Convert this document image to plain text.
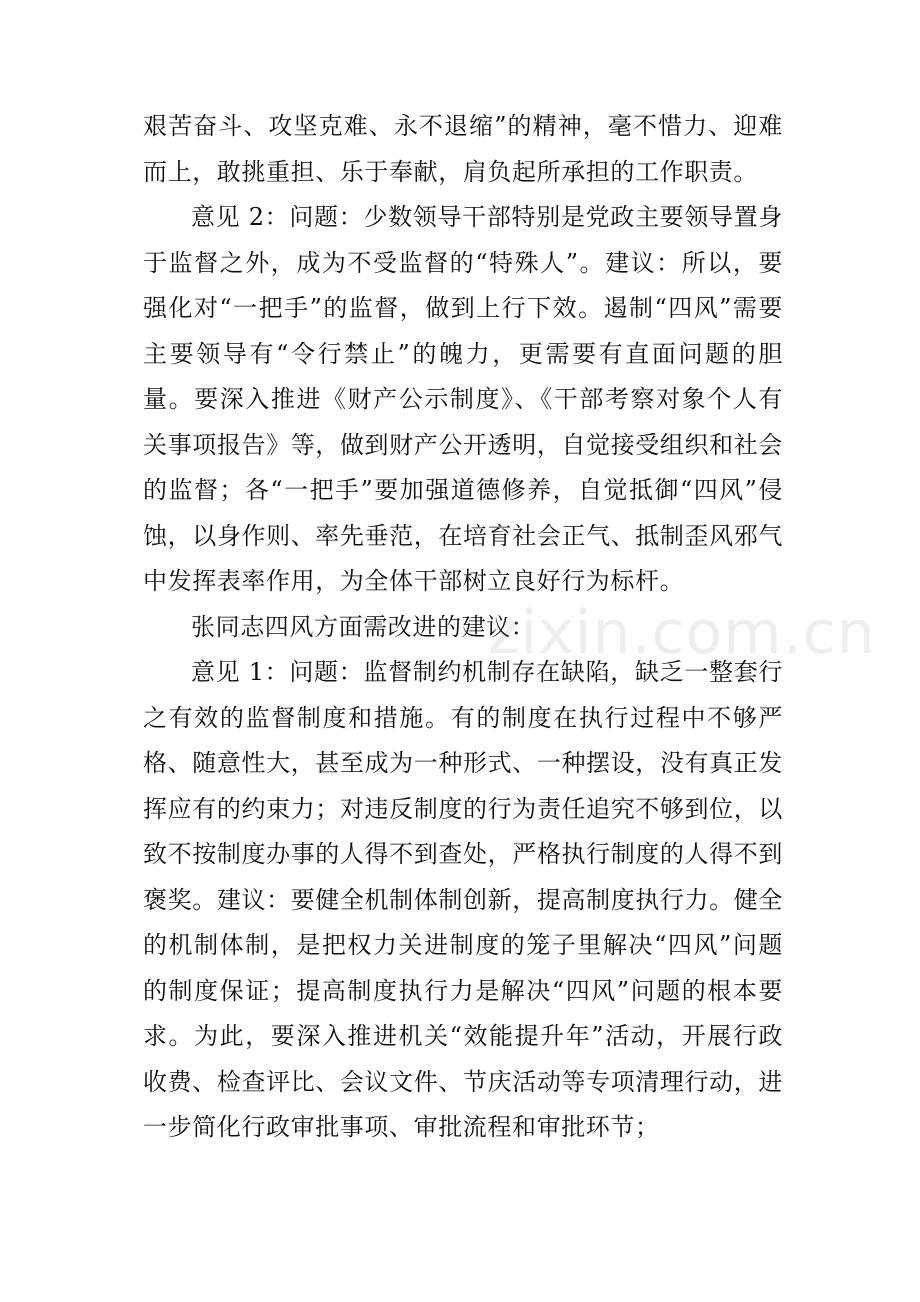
艰苦奋斗、攻坚克难、永不退缩”的精神，毫不惜力、迎难而上，敢挑重担、乐于奉献，肩负起所承担的工作职责。

意见 2：问题：少数领导干部特别是党政主要领导置身于监督之外，成为不受监督的“特殊人”。建议：所以，要强化对“一把手”的监督，做到上行下效。遏制“四风”需要主要领导有“令行禁止”的魄力，更需要有直面问题的胆量。要深入推进《财产公示制度》、《干部考察对象个人有关事项报告》等，做到财产公开透明，自觉接受组织和社会的监督；各“一把手”要加强道德修养，自觉抵御“四风”侵蚀，以身作则、率先垂范，在培育社会正气、抵制歪风邪气中发挥表率作用，为全体干部树立良好行为标杆。

张同志四风方面需改进的建议：

意见 1：问题：监督制约机制存在缺陷，缺乏一整套行之有效的监督制度和措施。有的制度在执行过程中不够严格、随意性大，甚至成为一种形式、一种摆设，没有真正发挥应有的约束力；对违反制度的行为责任追究不够到位，以致不按制度办事的人得不到查处，严格执行制度的人得不到褒奖。建议：要健全机制体制创新，提高制度执行力。健全的机制体制，是把权力关进制度的笼子里解决“四风”问题的制度保证；提高制度执行力是解决“四风”问题的根本要求。为此，要深入推进机关“效能提升年”活动，开展行政收费、检查评比、会议文件、节庆活动等专项清理行动，进一步简化行政审批事项、审批流程和审批环节；

zixin.com.cn
